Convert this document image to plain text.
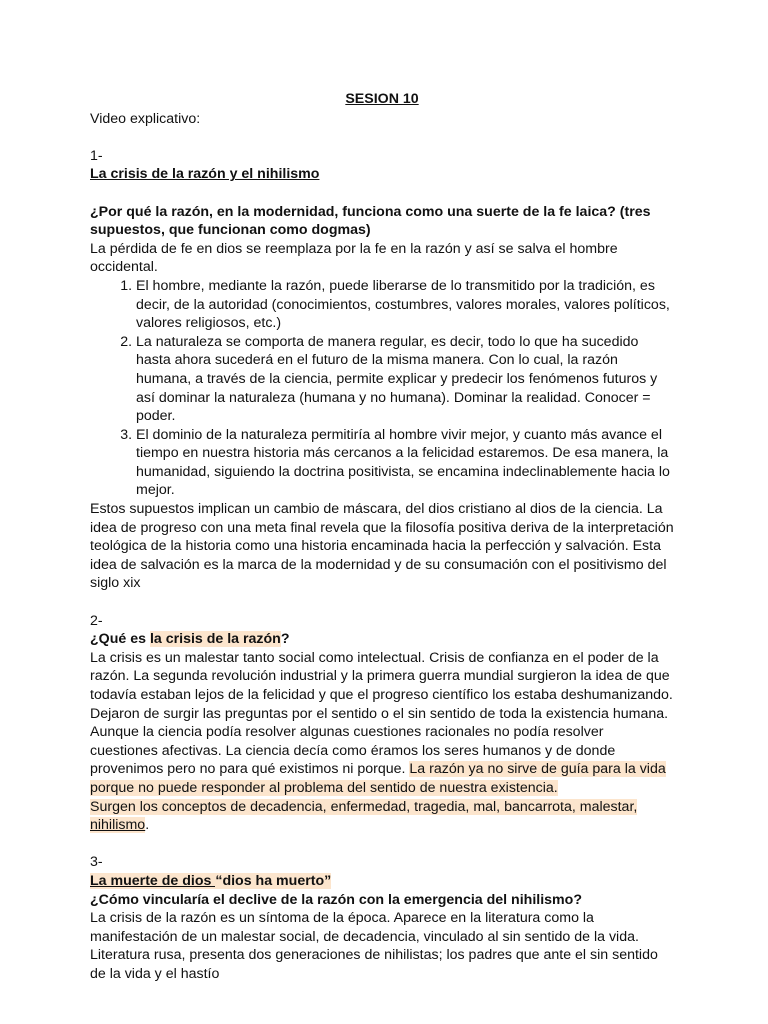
SESION 10

Video explicativo:

1-

La crisis de la razón y el nihilismo

¿Por qué la razón, en la modernidad, funciona como una suerte de la fe laica? (tres supuestos, que funcionan como dogmas)

La pérdida de fe en dios se reemplaza por la fe en la razón y así se salva el hombre occidental.

1. El hombre, mediante la razón, puede liberarse de lo transmitido por la tradición, es decir, de la autoridad (conocimientos, costumbres, valores morales, valores políticos, valores religiosos, etc.)
2. La naturaleza se comporta de manera regular, es decir, todo lo que ha sucedido hasta ahora sucederá en el futuro de la misma manera. Con lo cual, la razón humana, a través de la ciencia, permite explicar y predecir los fenómenos futuros y así dominar la naturaleza (humana y no humana). Dominar la realidad. Conocer = poder.
3. El dominio de la naturaleza permitiría al hombre vivir mejor, y cuanto más avance el tiempo en nuestra historia más cercanos a la felicidad estaremos. De esa manera, la humanidad, siguiendo la doctrina positivista, se encamina indeclinablemente hacia lo mejor.

Estos supuestos implican un cambio de máscara, del dios cristiano al dios de la ciencia. La idea de progreso con una meta final revela que la filosofía positiva deriva de la interpretación teológica de la historia como una historia encaminada hacia la perfección y salvación. Esta idea de salvación es la marca de la modernidad y de su consumación con el positivismo del siglo xix

2-

¿Qué es la crisis de la razón?

La crisis es un malestar tanto social como intelectual. Crisis de confianza en el poder de la razón. La segunda revolución industrial y la primera guerra mundial surgieron la idea de que todavía estaban lejos de la felicidad y que el progreso científico los estaba deshumanizando. Dejaron de surgir las preguntas por el sentido o el sin sentido de toda la existencia humana. Aunque la ciencia podía resolver algunas cuestiones racionales no podía resolver cuestiones afectivas. La ciencia decía como éramos los seres humanos y de donde provenimos pero no para qué existimos ni porque. La razón ya no sirve de guía para la vida porque no puede responder al problema del sentido de nuestra existencia.

Surgen los conceptos de decadencia, enfermedad, tragedia, mal, bancarrota, malestar, nihilismo.

3-

La muerte de dios “dios ha muerto”

¿Cómo vincularía el declive de la razón con la emergencia del nihilismo?

La crisis de la razón es un síntoma de la época. Aparece en la literatura como la manifestación de un malestar social, de decadencia, vinculado al sin sentido de la vida. Literatura rusa, presenta dos generaciones de nihilistas; los padres que ante el sin sentido de la vida y el hastío
